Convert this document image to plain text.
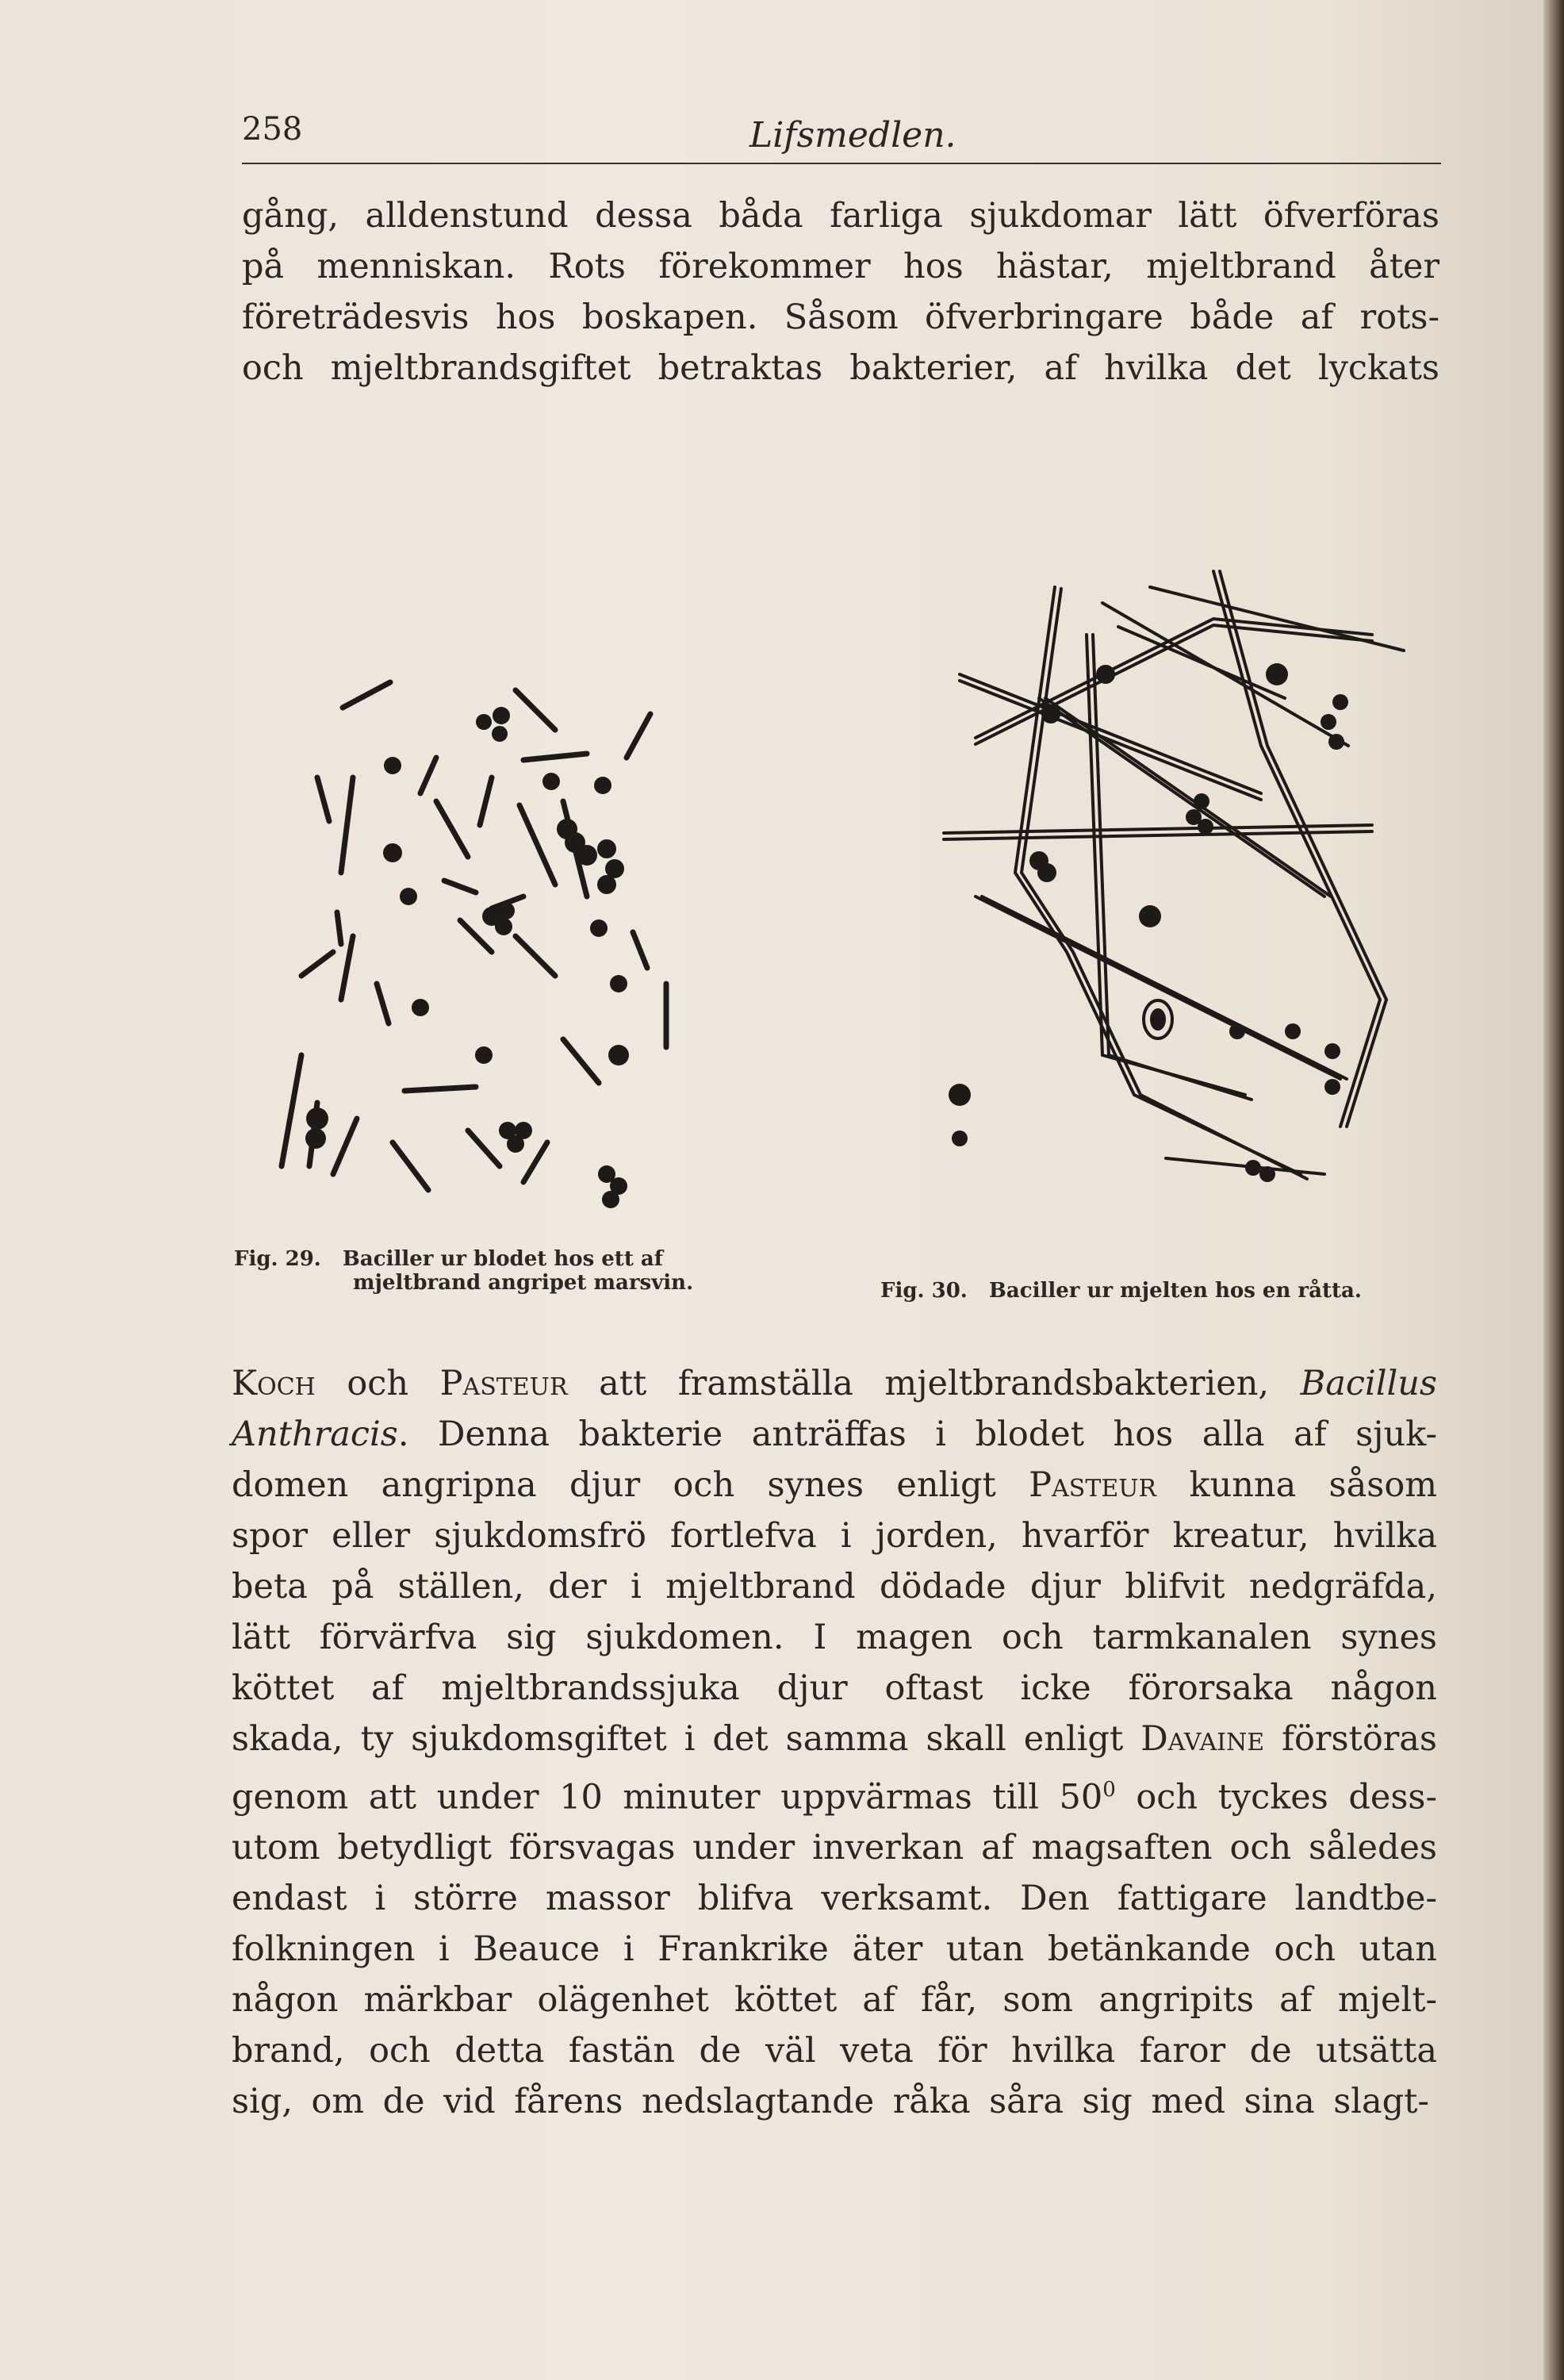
258	Lifsmedlen.
gång, alldenstund dessa båda farliga sjukdomar lätt öfverföras
på menniskan. Rots förekommer hos hästar, mjeltbrand åter
företrädesvis hos boskapen. Såsom öfverbringare både af rots-
och mjeltbrandsgiftet betraktas bakterier, af hvilka det lyckats
Fig. 29. Baciller ur blodet hos ett af
mjeltbrand angripet marsvin.	Fig. 30. Baciller ur mjelten hos en råtta.
Koch och Pasteur att framställa mjeltbrandsbakterien, Bacillus
Anthracis. Denna bakterie anträffas i blodet hos alla af sjuk-
domen angripna djur och synes enligt Pasteur kunna såsom
spor eller sjukdomsfrö fortlefva i jorden, hvarför kreatur, hvilka
beta på ställen, der i mjeltbrand dödade djur blifvit nedgräfda,
lätt förvärfva sig sjukdomen. I magen och tarmkanalen synes
köttet af mjeltbrandssjuka djur oftast icke förorsaka någon
skada, ty sjukdomsgiftet i det samma skall enligt Davaine förstöras
genom att under 10 minuter uppvärmas till $50^0$ och tyckes dess-
utom betydligt försvagas under inverkan af magsaften och således
endast i större massor blifva verksamt. Den fattigare landtbe-
folkningen i Beauce i Frankrike äter utan betänkande och utan
någon märkbar olägenhet köttet af får, som angripits af mjelt-
brand, och detta fastän de väl veta för hvilka faror de utsätta
sig, om de vid fårens nedslagtande råka såra sig med sina slagt-
